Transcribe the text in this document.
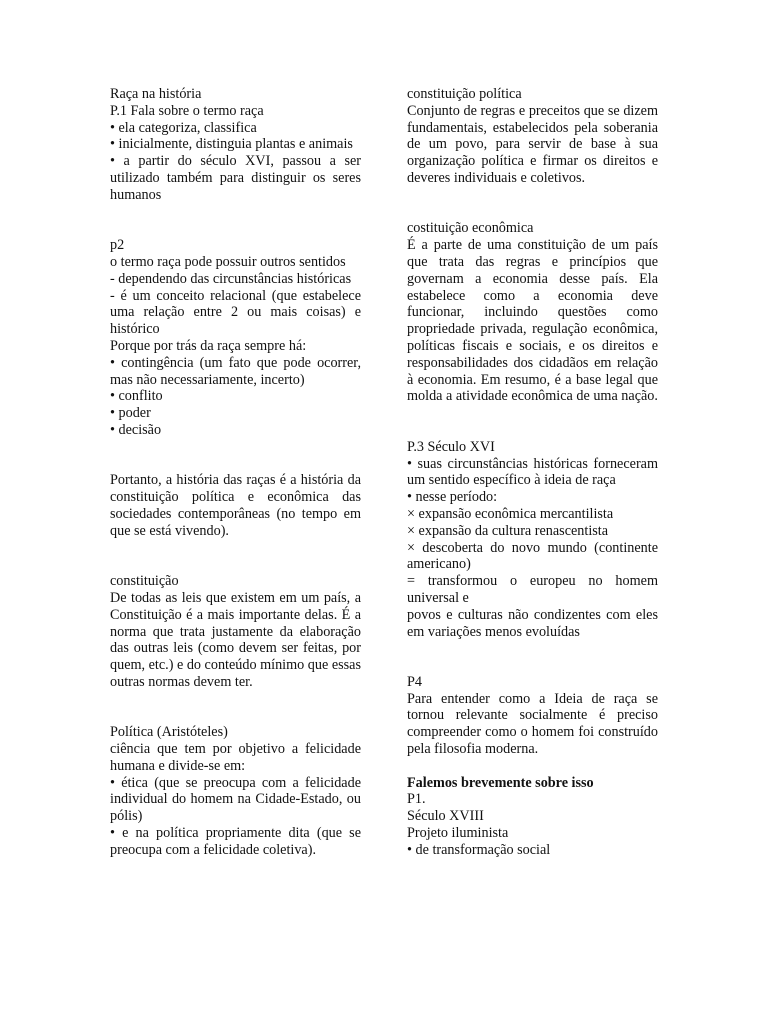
Raça na história

P.1 Fala sobre o termo raça

• ela categoriza, classifica

• inicialmente, distinguia plantas e animais

• a partir do século XVI, passou a ser utilizado também para distinguir os seres humanos

p2

o termo raça pode possuir outros sentidos

- dependendo das circunstâncias históricas

- é um conceito relacional (que estabelece uma relação entre 2 ou mais coisas) e histórico

Porque por trás da raça sempre há:

• contingência (um fato que pode ocorrer, mas não necessariamente, incerto)

• conflito

• poder

• decisão

Portanto, a história das raças é a história da constituição política e econômica das sociedades contemporâneas (no tempo em que se está vivendo).

constituição

De todas as leis que existem em um país, a Constituição é a mais importante delas. É a norma que trata justamente da elaboração das outras leis (como devem ser feitas, por quem, etc.) e do conteúdo mínimo que essas outras normas devem ter.

Política (Aristóteles)

ciência que tem por objetivo a felicidade humana e divide-se em:

• ética (que se preocupa com a felicidade individual do homem na Cidade-Estado, ou pólis)

• e na política propriamente dita (que se preocupa com a felicidade coletiva).

constituição política

Conjunto de regras e preceitos que se dizem fundamentais, estabelecidos pela soberania de um povo, para servir de base à sua organização política e firmar os direitos e deveres individuais e coletivos.

costituição econômica

É a parte de uma constituição de um país que trata das regras e princípios que governam a economia desse país. Ela estabelece como a economia deve funcionar, incluindo questões como propriedade privada, regulação econômica, políticas fiscais e sociais, e os direitos e responsabilidades dos cidadãos em relação à economia. Em resumo, é a base legal que molda a atividade econômica de uma nação.

P.3 Século XVI

• suas circunstâncias históricas forneceram um sentido específico à ideia de raça

• nesse período:

× expansão econômica mercantilista

× expansão da cultura renascentista

× descoberta do novo mundo (continente americano)

= transformou o europeu no homem universal e

povos e culturas não condizentes com eles em variações menos evoluídas

P4

Para entender como a Ideia de raça se tornou relevante socialmente é preciso compreender como o homem foi construído pela filosofia moderna.

Falemos brevemente sobre isso

P1.

Século XVIII

Projeto iluminista

• de transformação social
